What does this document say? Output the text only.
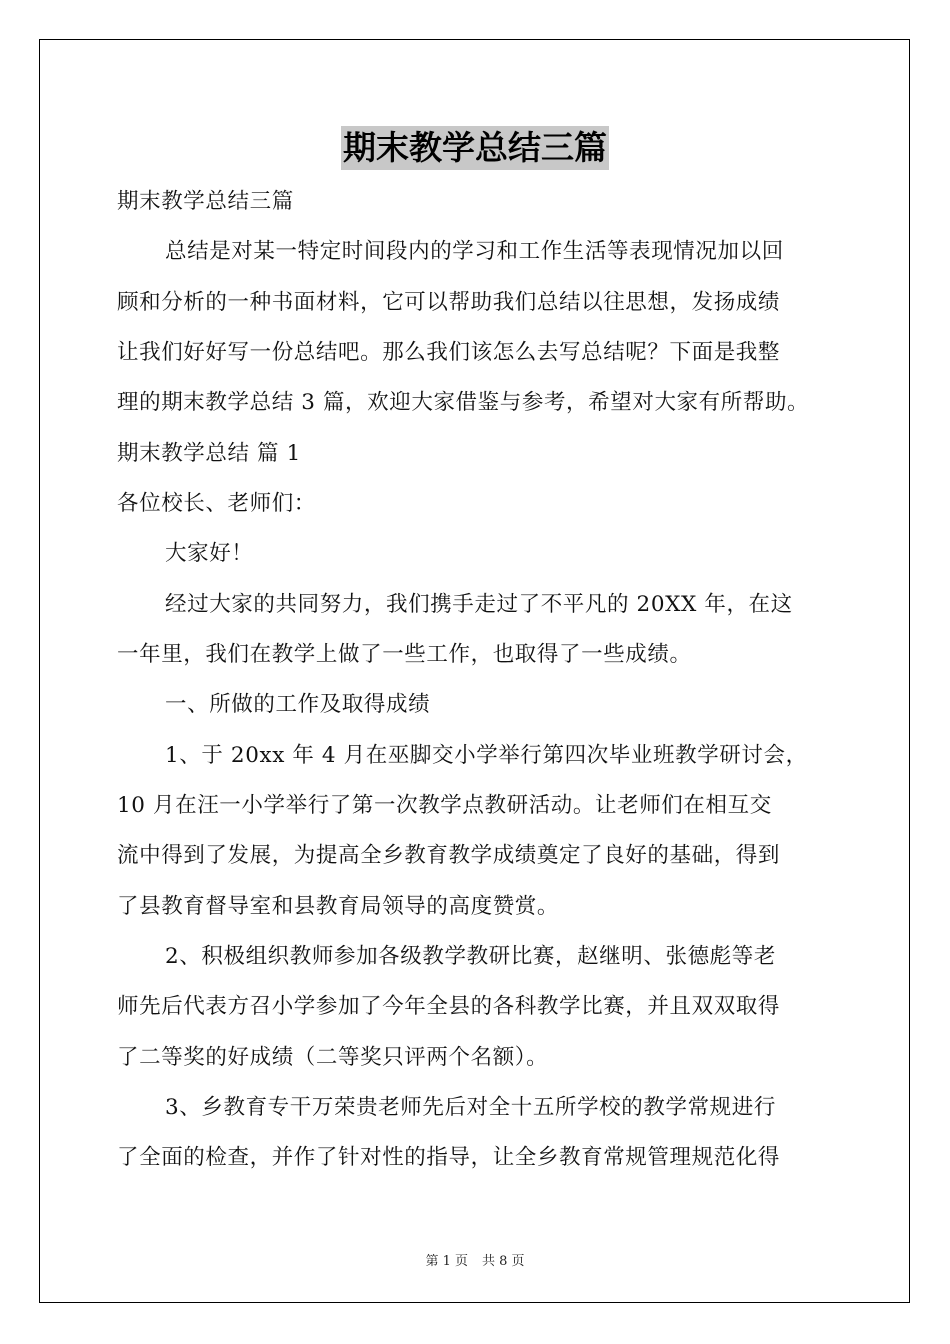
期末教学总结三篇
期末教学总结三篇
总结是对某一特定时间段内的学习和工作生活等表现情况加以回
顾和分析的一种书面材料，它可以帮助我们总结以往思想，发扬成绩
让我们好好写一份总结吧。那么我们该怎么去写总结呢？下面是我整
理的期末教学总结 3 篇，欢迎大家借鉴与参考，希望对大家有所帮助。
期末教学总结 篇 1
各位校长、老师们：
大家好！
经过大家的共同努力，我们携手走过了不平凡的 20XX 年，在这
一年里，我们在教学上做了一些工作，也取得了一些成绩。
一、所做的工作及取得成绩
1、于 20xx 年 4 月在巫脚交小学举行第四次毕业班教学研讨会，
10 月在汪一小学举行了第一次教学点教研活动。让老师们在相互交
流中得到了发展，为提高全乡教育教学成绩奠定了良好的基础，得到
了县教育督导室和县教育局领导的高度赞赏。
2、积极组织教师参加各级教学教研比赛，赵继明、张德彪等老
师先后代表方召小学参加了今年全县的各科教学比赛，并且双双取得
了二等奖的好成绩（二等奖只评两个名额）。
3、乡教育专干万荣贵老师先后对全十五所学校的教学常规进行
了全面的检查，并作了针对性的指导，让全乡教育常规管理规范化得
第 1 页 共 8 页
